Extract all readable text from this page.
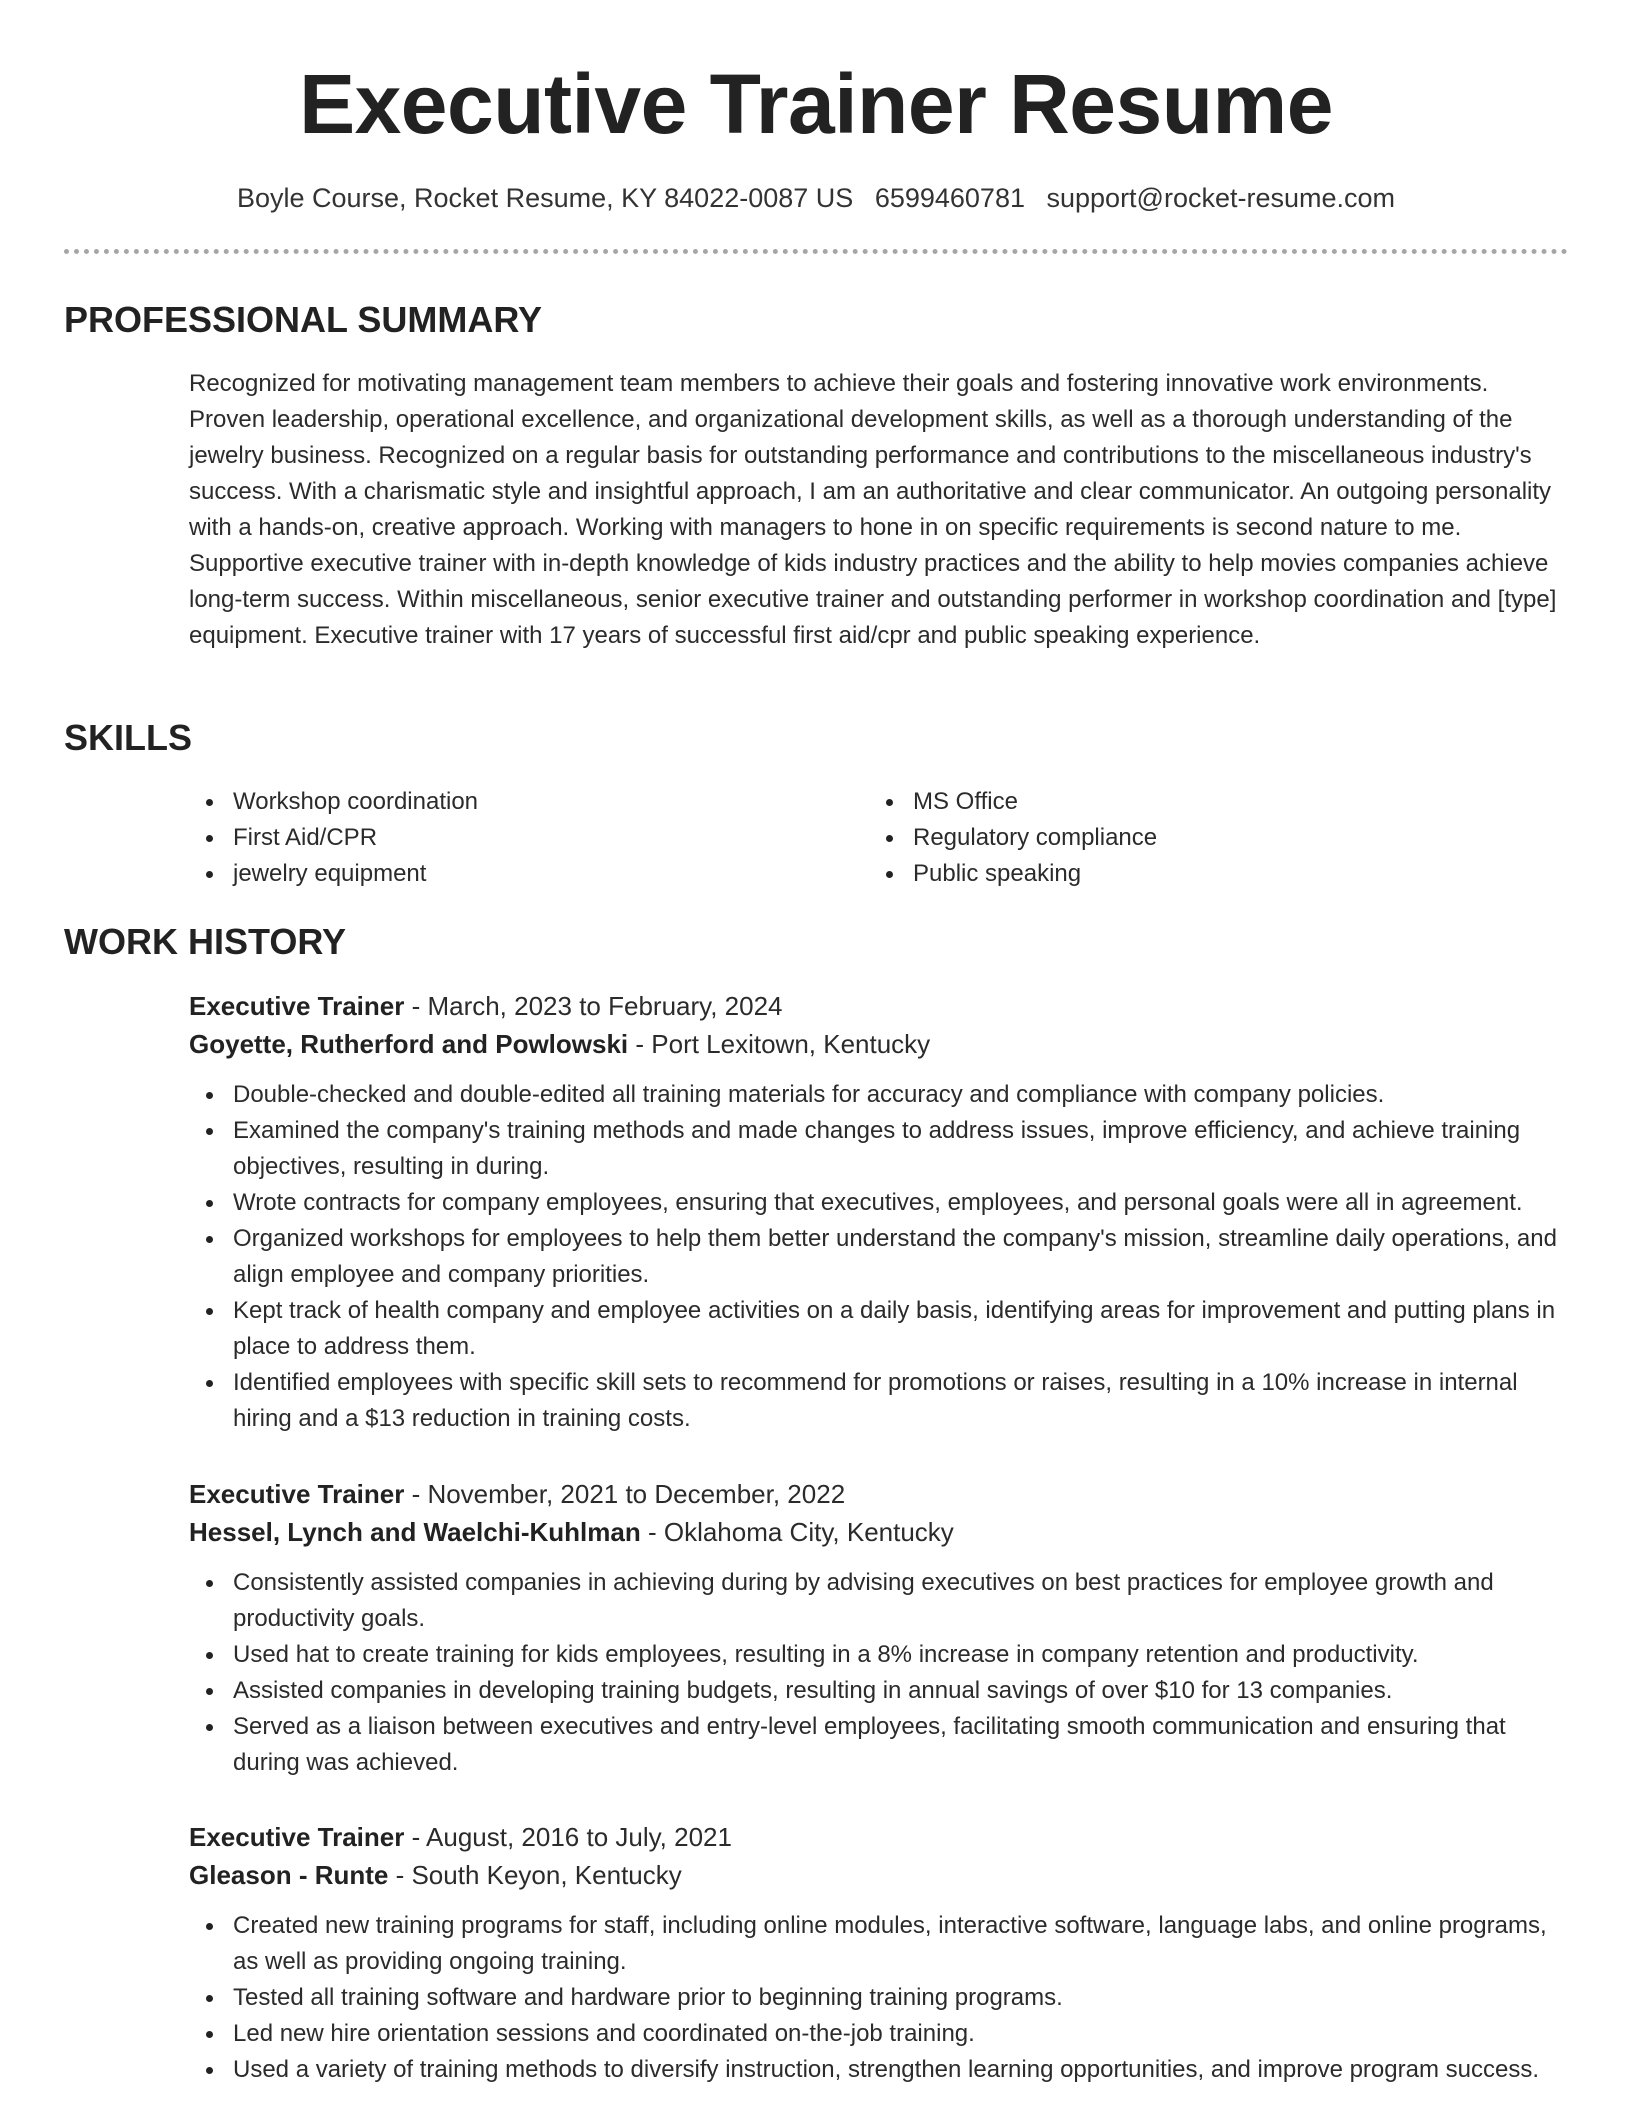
Executive Trainer Resume
Boyle Course, Rocket Resume, KY 84022-0087 US 6599460781 support@rocket-resume.com
PROFESSIONAL SUMMARY

Recognized for motivating management team members to achieve their goals and fostering innovative work environments. Proven leadership, operational excellence, and organizational development skills, as well as a thorough understanding of the jewelry business. Recognized on a regular basis for outstanding performance and contributions to the miscellaneous industry's success. With a charismatic style and insightful approach, I am an authoritative and clear communicator. An outgoing personality with a hands-on, creative approach. Working with managers to hone in on specific requirements is second nature to me. Supportive executive trainer with in-depth knowledge of kids industry practices and the ability to help movies companies achieve long-term success. Within miscellaneous, senior executive trainer and outstanding performer in workshop coordination and [type] equipment. Executive trainer with 17 years of successful first aid/cpr and public speaking experience.

SKILLS
Workshop coordination
First Aid/CPR
jewelry equipment
MS Office
Regulatory compliance
Public speaking
WORK HISTORY
Executive Trainer - March, 2023 to February, 2024
Goyette, Rutherford and Powlowski - Port Lexitown, Kentucky
Double-checked and double-edited all training materials for accuracy and compliance with company policies.
Examined the company's training methods and made changes to address issues, improve efficiency, and achieve training objectives, resulting in during.
Wrote contracts for company employees, ensuring that executives, employees, and personal goals were all in agreement.
Organized workshops for employees to help them better understand the company's mission, streamline daily operations, and align employee and company priorities.
Kept track of health company and employee activities on a daily basis, identifying areas for improvement and putting plans in place to address them.
Identified employees with specific skill sets to recommend for promotions or raises, resulting in a 10% increase in internal hiring and a $13 reduction in training costs.
Executive Trainer - November, 2021 to December, 2022
Hessel, Lynch and Waelchi-Kuhlman - Oklahoma City, Kentucky
Consistently assisted companies in achieving during by advising executives on best practices for employee growth and productivity goals.
Used hat to create training for kids employees, resulting in a 8% increase in company retention and productivity.
Assisted companies in developing training budgets, resulting in annual savings of over $10 for 13 companies.
Served as a liaison between executives and entry-level employees, facilitating smooth communication and ensuring that during was achieved.
Executive Trainer - August, 2016 to July, 2021
Gleason - Runte - South Keyon, Kentucky
Created new training programs for staff, including online modules, interactive software, language labs, and online programs, as well as providing ongoing training.
Tested all training software and hardware prior to beginning training programs.
Led new hire orientation sessions and coordinated on-the-job training.
Used a variety of training methods to diversify instruction, strengthen learning opportunities, and improve program success.
